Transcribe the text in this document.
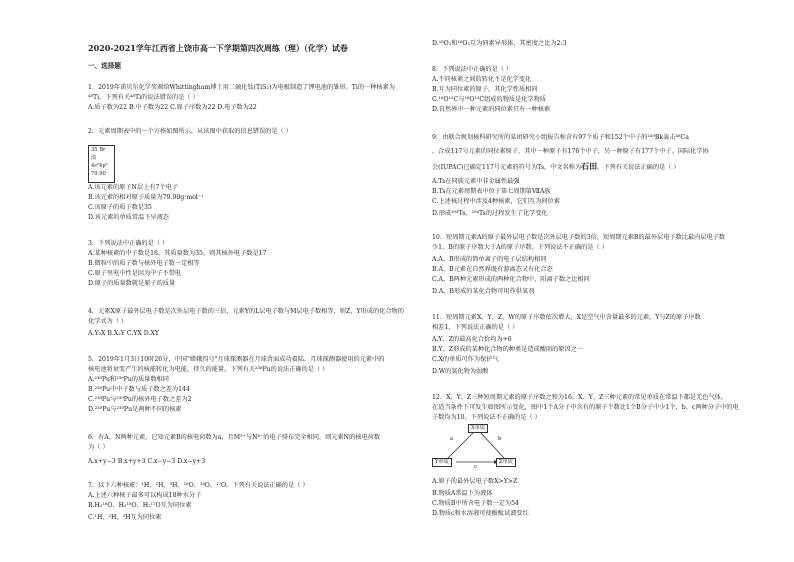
2020-2021学年江西省上饶市高一下学期第四次周练（理）（化学）试卷
一、选择题
1．2019年诺贝尔化学奖颁给Whittingham博士用二硫化钛(TiS₂)为电极制造了锂电池的雏形。Ti的一种核素为
⁴⁸Ti。下列有关⁴⁸Ti的说法错误的是（ ）
A.质子数为22 B.中子数为22 C.原子序数为22 D.电子数为22
2．元素周期表中的一个方格如图所示，从该图中获取的信息错误的是（ ）
A.该元素的原子N层上有7个电子
B.该元素的相对原子质量为79.90g·mol⁻¹
C.该原子的质子数是35
D.该元素的单质常温下呈液态
3．下列说法中正确的是（ ）
A.某种核素的中子数是18，其质量数为35，则其核外电子数是17
B.微粒中的质子数与核外电子数一定相等
C.原子里电中性是因为中子不带电
D.原子的质量数就是原子的质量
4．元素X原子最外层电子数是次外层电子数的三倍，元素Y的L层电子数与M层电子数相等，则Z，Y形成的化合物的
化学式为（ ）
A.Y₂X B.X₂Y C.YX D.XY
5．2019年1月3日10时26分，中国"嫦娥四号"月球探测器在月球背面成功着陆。月球探测器使用的元素中的
核电池将衰变产生的核能转化为电能，持久的能量。下列有关²³⁸Pu的说法正确的是（ ）
A.²³⁸Pu和²³⁹Pu的质量数相同
B.²³⁸Pu中中子数与质子数之差为144
C.²³⁸Pu与²³⁹Pu的核外电子数之差为2
D.²³⁸Pu与²³⁹Pu是两种不同的核素
6．有A、N两种元素，已知元素B的核电荷数为a，且M³⁺与Nᵇ⁻的电子排布完全相同，则元素N的核电荷数
为（ ）
A.x+y−3 B.x+y+3 C.x−y−3 D.x−y+3
7．以下六种核素：¹H、²H、³H、¹⁶O、¹⁸O、¹⁷O。下列有关说法正确的是（ ）
A.上述六种核子最多可以构成18种水分子
B.H₂¹⁶O、H₂¹⁸O、H₂¹⁷O互为同位素
C.¹H、²H、³H互为同位素
35 Br
溴
4s²4p⁵
79.90
D.¹⁸O₂和¹⁶O₂互为同素异形体，其密度之比为2:3
8．下列说法中正确的是（ ）
A.不同核素之间的转化不是化学变化
B.互为同位素的原子，其化学性质相同
C.¹⁶O¹²C与¹⁸O¹²C组成的物质是化学物质
D.自然界中一种元素的同位素只有一种核素
9．由联合规划核科研究所的某团研究小组报告称含有97个质子和152个中子的²⁴⁹Bk轰击⁴⁸Ca
，合成117号元素的同位素原子，其中一种原子有176个中子，另一种原子有177个中子。国际化学协
会(IUPAC)已确定117号元素的符号为Ts，中文名称为石田。下列有关说法正确的是（ ）
A.Ts在同族元素中非金属性最强
B.Ts在元素周期表中位于第七周期第ⅦA族
C.上述核过程中涉及4种核素，它们互为同位素
D.形成²⁹³Ts、²⁹⁴Ts的过程发生了化学变化
10．短周期元素A的原子最外层电子数是次外层电子数的3倍，短周期元素B的最外层电子数比最内层电子数
少1，B的原子序数大于A的原子序数。下列说法不正确的是（ ）
A.A、B形成的简单离子的电子层结构相同
B.A、B元素在自然界既有游离态又有化合态
C.A、B两种元素形成的两种化合物中，阳离子数之比相同
D.A、B形成的某化合物可用作供氧剂
11．短周期元素X、Y、Z、W的原子序数依次增大，X是空气中含量最多的元素，Y与Z的原子序数
相差1，下列说法正确的是（ ）
A.Y、Z的最高化合价均为+6
B.Y、Z形成的某种化合物的种类是造成酸雨的原因之一
C.X的单质可作为保护气
D.W的氢化物为弱酸
12．X、Y、Z三种短周期元素的原子序数之和为16。X、Y、Z三种元素的常见单质在常温下都是无色气体，
在适当条件下可发生如图所示变化，图中1个A分子中含有的原子个数比1个B分子中少1个，b、c两种分子中的电
子数均为10。下列说法不正确的是（ ）
A.原子的最外层电子数X>Y>Z
B.物质A常温下为液体
C.物质B中所含电子数一定为54
D.物质c和水溶液可使酚酞试液变红
X单质
Y单质	Z单质
a	b
c
